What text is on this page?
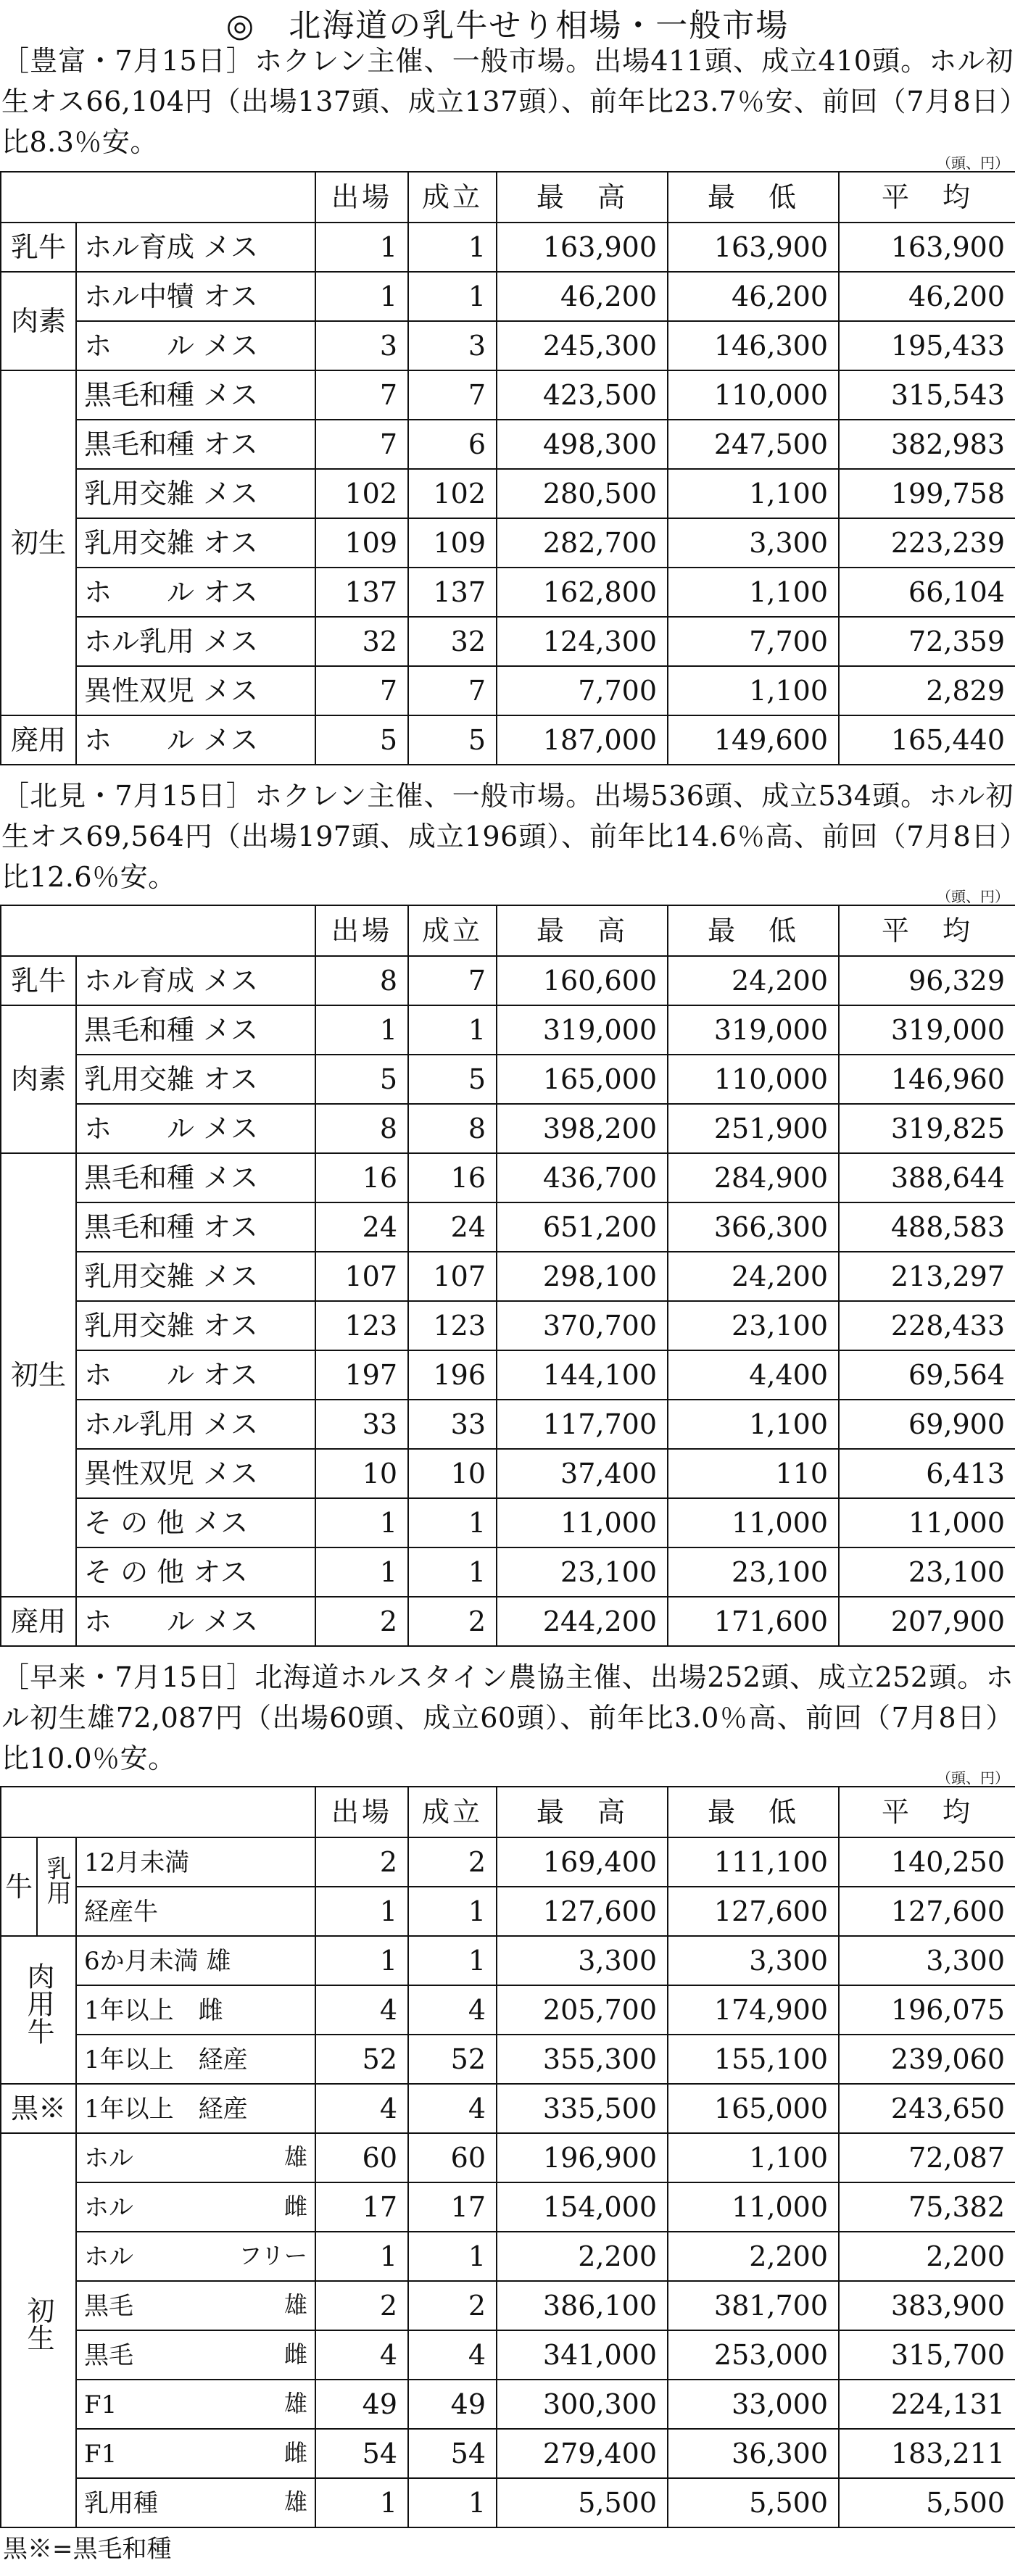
◎　北海道の乳牛せり相場・一般市場
［豊富・7月15日］ホクレン主催、一般市場。出場411頭、成立410頭。ホル初生オス66,104円（出場137頭、成立137頭）、前年比23.7％安、前回（7月8日）比8.3％安。
（頭、円）
		出場	成立	最　高	最　低	平　均
乳牛	ホル育成 メス	1	1	163,900	163,900	163,900
肉素	ホル中犢 オス	1	1	46,200	46,200	46,200
	ホ　　ル メス	3	3	245,300	146,300	195,433
初生	黒毛和種 メス	7	7	423,500	110,000	315,543
	黒毛和種 オス	7	6	498,300	247,500	382,983
	乳用交雑 メス	102	102	280,500	1,100	199,758
	乳用交雑 オス	109	109	282,700	3,300	223,239
	ホ　　ル オス	137	137	162,800	1,100	66,104
	ホル乳用 メス	32	32	124,300	7,700	72,359
	異性双児 メス	7	7	7,700	1,100	2,829
廃用	ホ　　ル メス	5	5	187,000	149,600	165,440
［北見・7月15日］ホクレン主催、一般市場。出場536頭、成立534頭。ホル初生オス69,564円（出場197頭、成立196頭）、前年比14.6％高、前回（7月8日）比12.6％安。
（頭、円）
		出場	成立	最　高	最　低	平　均
乳牛	ホル育成 メス	8	7	160,600	24,200	96,329
肉素	黒毛和種 メス	1	1	319,000	319,000	319,000
	乳用交雑 オス	5	5	165,000	110,000	146,960
	ホ　　ル メス	8	8	398,200	251,900	319,825
初生	黒毛和種 メス	16	16	436,700	284,900	388,644
	黒毛和種 オス	24	24	651,200	366,300	488,583
	乳用交雑 メス	107	107	298,100	24,200	213,297
	乳用交雑 オス	123	123	370,700	23,100	228,433
	ホ　　ル オス	197	196	144,100	4,400	69,564
	ホル乳用 メス	33	33	117,700	1,100	69,900
	異性双児 メス	10	10	37,400	110	6,413
	そ の 他 メス	1	1	11,000	11,000	11,000
	そ の 他 オス	1	1	23,100	23,100	23,100
廃用	ホ　　ル メス	2	2	244,200	171,600	207,900
［早来・7月15日］北海道ホルスタイン農協主催、出場252頭、成立252頭。ホル初生雄72,087円（出場60頭、成立60頭）、前年比3.0％高、前回（7月8日）比10.0％安。
（頭、円）
			出場	成立	最　高	最　低	平　均
牛	乳用	12月未満	2	2	169,400	111,100	140,250
		経産牛	1	1	127,600	127,600	127,600
肉用牛		6か月未満 雄	1	1	3,300	3,300	3,300
		1年以上　雌	4	4	205,700	174,900	196,075
		1年以上　経産	52	52	355,300	155,100	239,060
黒※		1年以上　経産	4	4	335,500	165,000	243,650
初生		ホル 雄	60	60	196,900	1,100	72,087
		ホル 雌	17	17	154,000	11,000	75,382
		ホル フリー	1	1	2,200	2,200	2,200
		黒毛 雄	2	2	386,100	381,700	383,900
		黒毛 雌	4	4	341,000	253,000	315,700
		F1 雄	49	49	300,300	33,000	224,131
		F1 雌	54	54	279,400	36,300	183,211
		乳用種 雄	1	1	5,500	5,500	5,500
黒※=黒毛和種
